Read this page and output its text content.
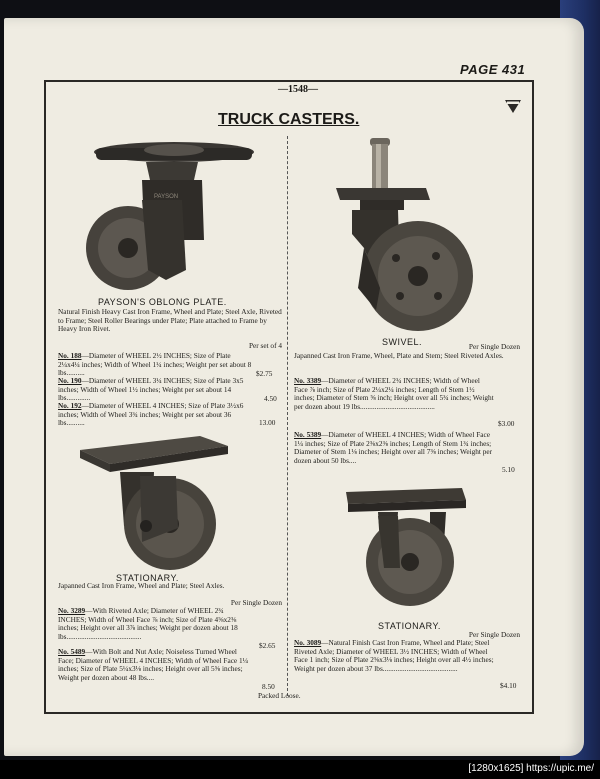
PAGE 431
—1548—
TRUCK CASTERS.
PAYSON
PAYSON'S OBLONG PLATE.
Natural Finish Heavy Cast Iron Frame, Wheel and Plate; Steel Axle, Riveted to Frame; Steel Roller Bearings under Plate; Plate attached to Frame by Heavy Iron Rivet.
Per set of 4
No. 188—Diameter of WHEEL 2½ INCHES; Size of Plate 2¼x4¼ inches; Width of Wheel 1¼ inches; Weight per set about 8 lbs..........	$2.75
No. 190—Diameter of WHEEL 3¼ INCHES; Size of Plate 3x5 inches; Width of Wheel 1½ inches; Weight per set about 14 lbs.............	4.50
No. 192—Diameter of WHEEL 4 INCHES; Size of Plate 3½x6 inches; Width of Wheel 3¾ inches; Weight per set about 36 lbs..........	13.00
SWIVEL.	Per Single Dozen
Japanned Cast Iron Frame, Wheel, Plate and Stem; Steel Riveted Axles.
No. 3389—Diameter of WHEEL 2¾ INCHES; Width of Wheel Face ⅞ inch; Size of Plate 2¼x2¼ inches; Length of Stem 1½ inches; Diameter of Stem ⅝ inch; Height over all 5¾ inches; Weight per dozen about 19 lbs.........................................
$3.00
No. 5389—Diameter of WHEEL 4 INCHES; Width of Wheel Face 1¼ inches; Size of Plate 2⅜x2⅜ inches; Length of Stem 1¾ inches; Diameter of Stem 1⅛ inches; Height over all 7⅜ inches; Weight per dozen about 50 lbs....
5.10
STATIONARY.
Japanned Cast Iron Frame, Wheel and Plate; Steel Axles.
Per Single Dozen
No. 3289—With Riveted Axle; Diameter of WHEEL 2¾ INCHES; Width of Wheel Face ⅞ inch; Size of Plate 4⅝x2⅜ inches; Height over all 3⅞ inches; Weight per dozen about 18 lbs.........................................
$2.65
No. 5489—With Bolt and Nut Axle; Noiseless Turned Wheel Face; Diameter of WHEEL 4 INCHES; Width of Wheel Face 1¼ inches; Size of Plate 5¼x3⅛ inches; Height over all 5⅝ inches; Weight per dozen about 48 lbs....
8.50
Packed Loose.
STATIONARY.
Per Single Dozen
No. 3089—Natural Finish Cast Iron Frame, Wheel and Plate; Steel Riveted Axle; Diameter of WHEEL 3½ INCHES; Width of Wheel Face 1 inch; Size of Plate 2⅝x3⅛ inches; Height over all 4½ inches; Weight per dozen about 37 lbs.........................................
$4.10
[1280x1625] https://upic.me/
